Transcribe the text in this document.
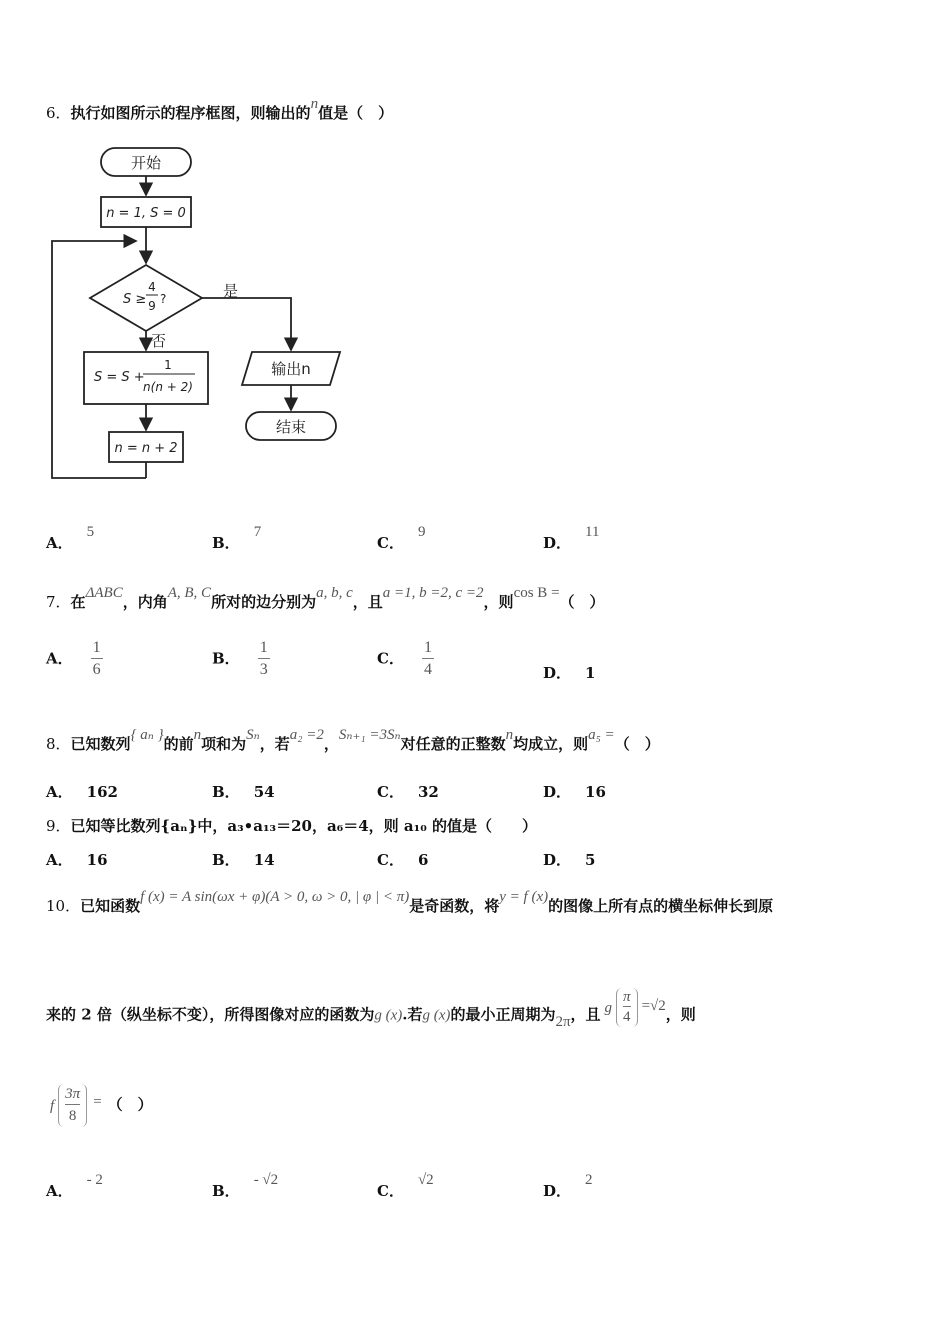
6．执行如图所示的程序框图，则输出的n值是（　）
开始
n = 1, S = 0
S ≥
4
9 ?	是
否
S = S +
1
n(n + 2)
n = n + 2
输出n
结束
A．5
B．7
C．9
D．11
7．在ΔABC，内角A, B, C所对的边分别为a, b, c，且a =1, b =2, c =2，则cos B =（　）
A． $\frac{1}{6}$	B． $\frac{1}{3}$	C． $\frac{1}{4}$	D． 1
8．已知数列{ aₙ }的前n项和为Sₙ，若a₂ =2，Sₙ₊₁ =3Sₙ对任意的正整数n均成立，则a₅ =（　）
A． 162	B． 54	C． 32	D． 16
9．已知等比数列{aₙ}中，a₃•a₁₃＝20，a₆＝4，则 a₁₀ 的值是（　　）
A． 16	B． 14	C． 6	D． 5
10．已知函数f (x) = A sin(ωx + φ)(A > 0, ω > 0, | φ | < π)是奇函数，将y = f (x)的图像上所有点的横坐标伸长到原
来的 2 倍（纵坐标不变），所得图像对应的函数为g (x).若g (x)的最小正周期为2π，且 g $\frac{\pi}{4} =√2$，则
f $\frac{3\pi}{8}$ = （　）
A．- 2
B．- √2
C．√2
D．2
